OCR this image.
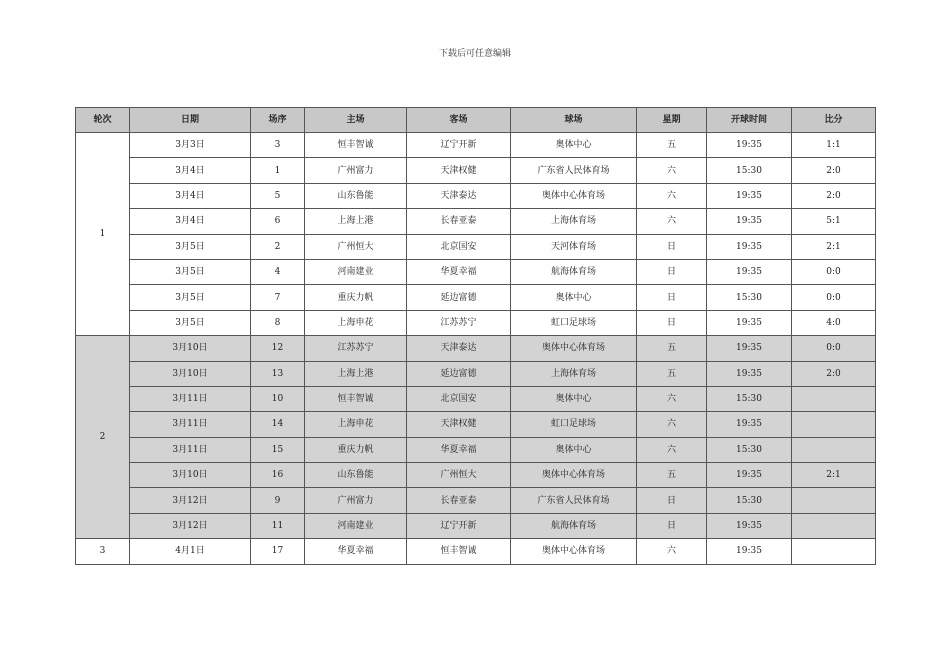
下载后可任意编辑
轮次	日期	场序	主场	客场	球场	星期	开球时间	比分
1	3月3日	3	恒丰智诚	辽宁开新	奥体中心	五	19:35	1:1
	3月4日	1	广州富力	天津权健	广东省人民体育场	六	15:30	2:0
	3月4日	5	山东鲁能	天津泰达	奥体中心体育场	六	19:35	2:0
	3月4日	6	上海上港	长春亚泰	上海体育场	六	19:35	5:1
	3月5日	2	广州恒大	北京国安	天河体育场	日	19:35	2:1
	3月5日	4	河南建业	华夏幸福	航海体育场	日	19:35	0:0
	3月5日	7	重庆力帆	延边富德	奥体中心	日	15:30	0:0
	3月5日	8	上海申花	江苏苏宁	虹口足球场	日	19:35	4:0
2	3月10日	12	江苏苏宁	天津泰达	奥体中心体育场	五	19:35	0:0
	3月10日	13	上海上港	延边富德	上海体育场	五	19:35	2:0
	3月11日	10	恒丰智诚	北京国安	奥体中心	六	15:30	
	3月11日	14	上海申花	天津权健	虹口足球场	六	19:35	
	3月11日	15	重庆力帆	华夏幸福	奥体中心	六	15:30	
	3月10日	16	山东鲁能	广州恒大	奥体中心体育场	五	19:35	2:1
	3月12日	9	广州富力	长春亚泰	广东省人民体育场	日	15:30	
	3月12日	11	河南建业	辽宁开新	航海体育场	日	19:35	
3	4月1日	17	华夏幸福	恒丰智诚	奥体中心体育场	六	19:35	
